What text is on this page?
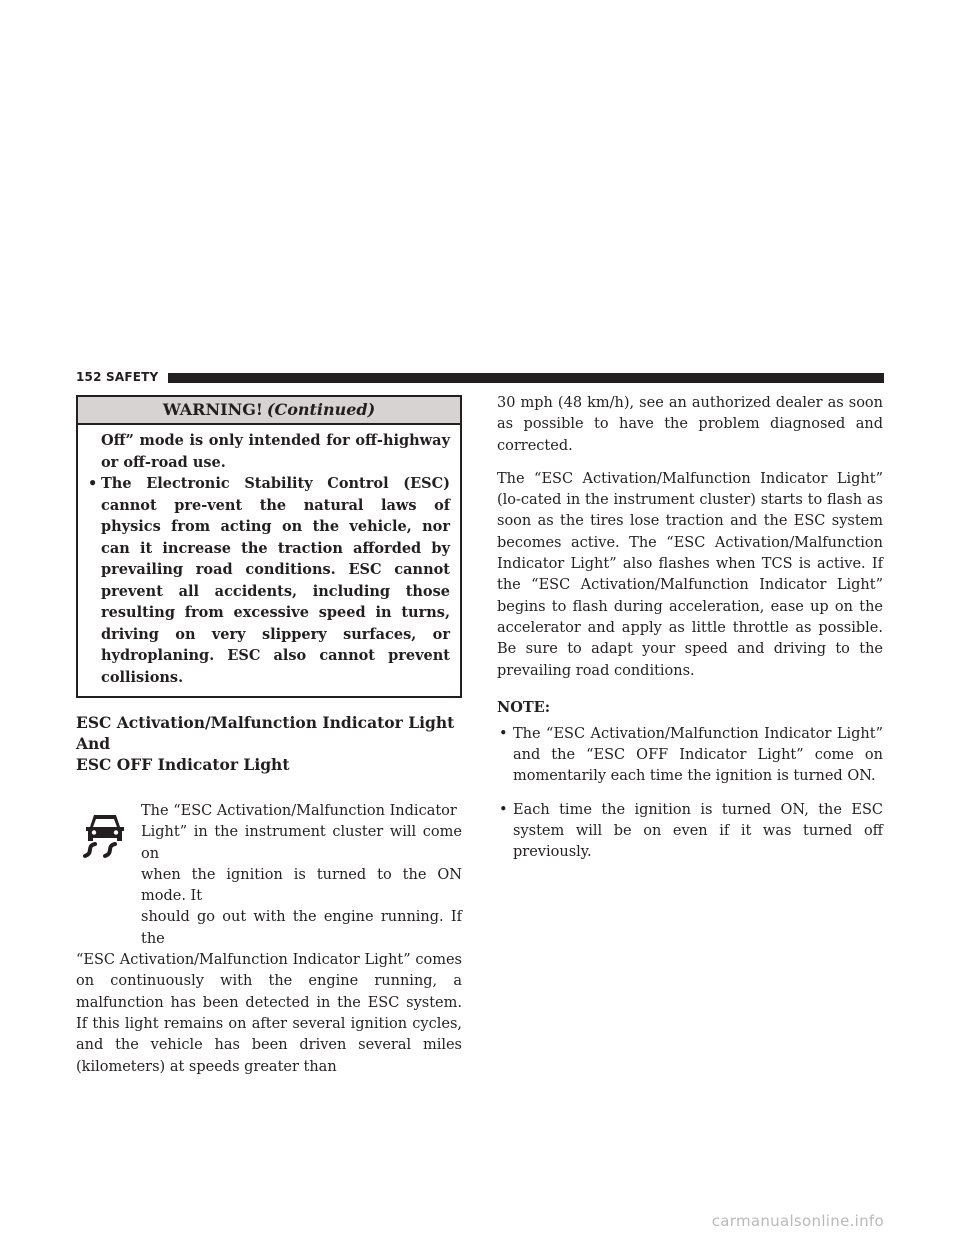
152 SAFETY
WARNING! (Continued)

Off” mode is only intended for off-highway or off-road use.

• The Electronic Stability Control (ESC) cannot pre-vent the natural laws of physics from acting on the vehicle, nor can it increase the traction afforded by prevailing road conditions. ESC cannot prevent all accidents, including those resulting from excessive speed in turns, driving on very slippery surfaces, or hydroplaning. ESC also cannot prevent collisions.

ESC Activation/Malfunction Indicator Light And
ESC OFF Indicator Light

The “ESC Activation/Malfunction Indicator

Light” in the instrument cluster will come on

when the ignition is turned to the ON mode. It

should go out with the engine running. If the

“ESC Activation/Malfunction Indicator Light” comes on continuously with the engine running, a malfunction has been detected in the ESC system. If this light remains on after several ignition cycles, and the vehicle has been driven several miles (kilometers) at speeds greater than

30 mph (48 km/h), see an authorized dealer as soon as possible to have the problem diagnosed and corrected.

The “ESC Activation/Malfunction Indicator Light” (lo-cated in the instrument cluster) starts to flash as soon as the tires lose traction and the ESC system becomes active. The “ESC Activation/Malfunction Indicator Light” also flashes when TCS is active. If the “ESC Activation/Malfunction Indicator Light” begins to flash during acceleration, ease up on the accelerator and apply as little throttle as possible. Be sure to adapt your speed and driving to the prevailing road conditions.

NOTE:
• The “ESC Activation/Malfunction Indicator Light” and the “ESC OFF Indicator Light” come on momentarily each time the ignition is turned ON.

• Each time the ignition is turned ON, the ESC system will be on even if it was turned off previously.

carmanualsonline.info
